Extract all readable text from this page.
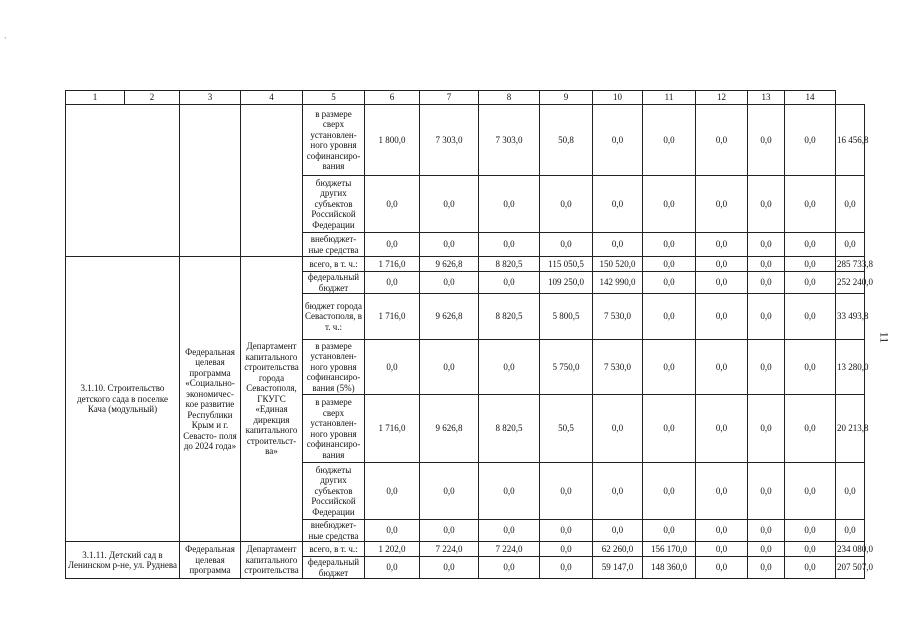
`
11
1	2	3	4	5	6	7	8	9	10	11	12	13	14	
				в размере сверх установлен- ного уровня софинансиро- вания	1 800,0	7 303,0	7 303,0	50,8	0,0	0,0	0,0	0,0	0,0	16 456,8
				бюджеты других субъектов Российской Федерации	0,0	0,0	0,0	0,0	0,0	0,0	0,0	0,0	0,0	0,0
				внебюджет- ные средства	0,0	0,0	0,0	0,0	0,0	0,0	0,0	0,0	0,0	0,0
3.1.10. Строительство детского сада в поселке Кача (модульный)		Федеральная целевая программа «Социально- экономичес- кое развитие Республики Крым и г. Севасто- поля до 2024 года»	Департамент капитального строительства города Севастополя, ГКУГС «Единая дирекция капитального строительст- ва»	всего, в т. ч.:	1 716,0	9 626,8	8 820,5	115 050,5	150 520,0	0,0	0,0	0,0	0,0	285 733,8
				федеральный бюджет	0,0	0,0	0,0	109 250,0	142 990,0	0,0	0,0	0,0	0,0	252 240,0
				бюджет города Севастополя, в т. ч.:	1 716,0	9 626,8	8 820,5	5 800,5	7 530,0	0,0	0,0	0,0	0,0	33 493,8
				в размере установлен- ного уровня софинансиро- вания (5%)	0,0	0,0	0,0	5 750,0	7 530,0	0,0	0,0	0,0	0,0	13 280,0
				в размере сверх установлен- ного уровня софинансиро- вания	1 716,0	9 626,8	8 820,5	50,5	0,0	0,0	0,0	0,0	0,0	20 213,8
				бюджеты других субъектов Российской Федерации	0,0	0,0	0,0	0,0	0,0	0,0	0,0	0,0	0,0	0,0
				внебюджет- ные средства	0,0	0,0	0,0	0,0	0,0	0,0	0,0	0,0	0,0	0,0
3.1.11. Детский сад в Ленинском р-не, ул. Руднева		Федеральная целевая программа	Департамент капитального строительства	всего, в т. ч.:	1 202,0	7 224,0	7 224,0	0,0	62 260,0	156 170,0	0,0	0,0	0,0	234 080,0
				федеральный бюджет	0,0	0,0	0,0	0,0	59 147,0	148 360,0	0,0	0,0	0,0	207 507,0
